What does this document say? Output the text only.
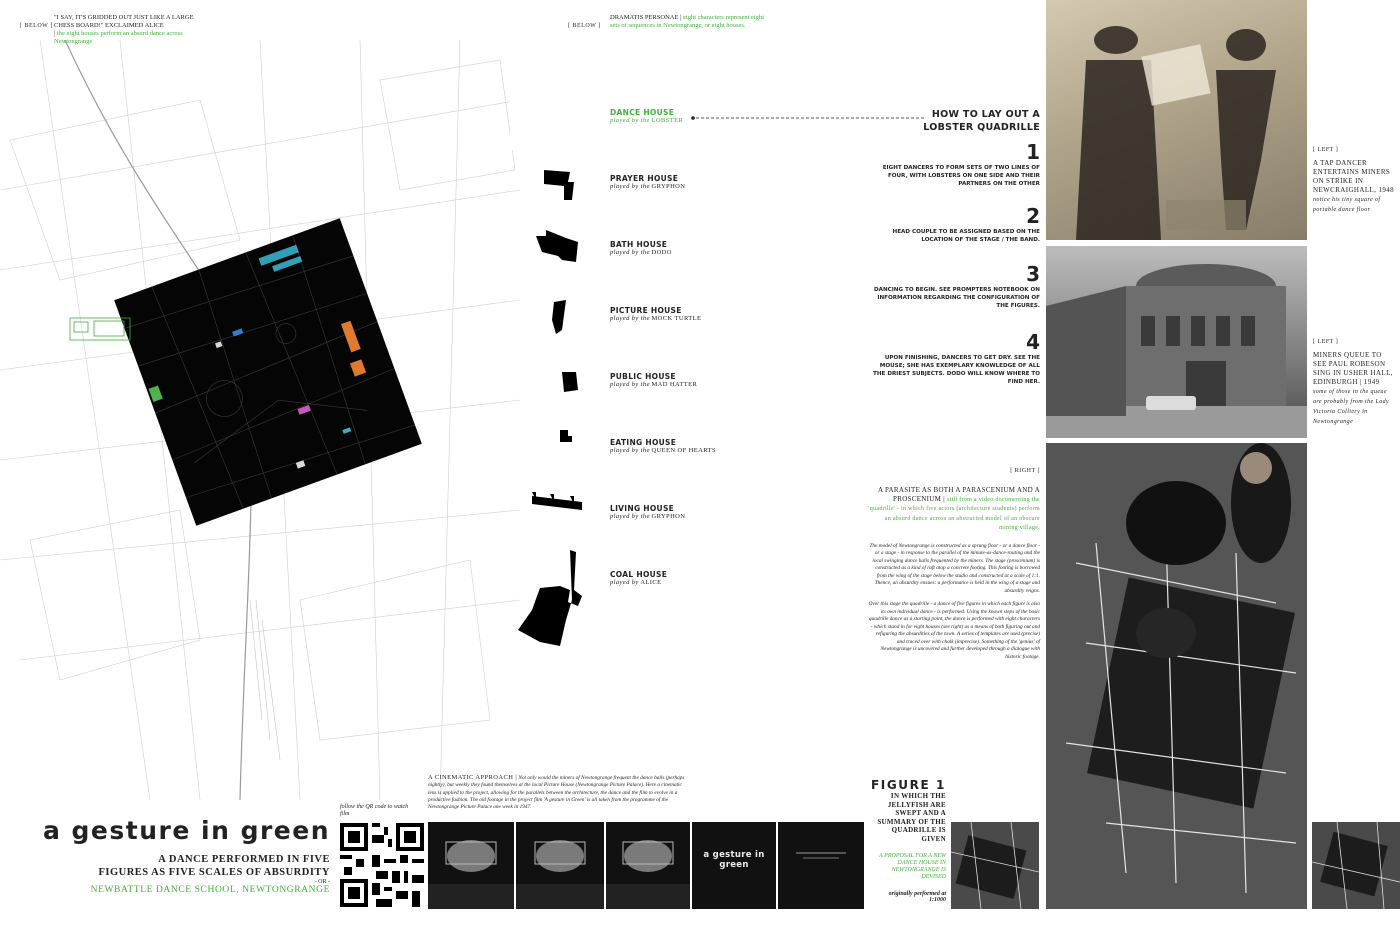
[ BELOW ]
"I SAY, IT'S GRIDDED OUT JUST LIKE A LARGE CHESS BOARD!" EXCLAIMED ALICE
| the eight houses perform an absurd dance across Newtongrange
[ BELOW ]
DRAMATIS PERSONAE | eight characters represent eight sets of sequences in Newtongrange, or eight houses.
DANCE HOUSE
played by the LOBSTER
PRAYER HOUSE
played by the GRYPHON
BATH HOUSE
played by the DODO
PICTURE HOUSE
played by the MOCK TURTLE
PUBLIC HOUSE
played by the MAD HATTER
EATING HOUSE
played by the QUEEN OF HEARTS
LIVING HOUSE
played by the GRYPHON
COAL HOUSE
played by ALICE
HOW TO LAY OUT A
LOBSTER QUADRILLE
1
EIGHT DANCERS TO FORM SETS OF TWO LINES OF FOUR, WITH LOBSTERS ON ONE SIDE AND THEIR PARTNERS ON THE OTHER
2
HEAD COUPLE TO BE ASSIGNED BASED ON THE LOCATION OF THE STAGE / THE BAND.
3
DANCING TO BEGIN. SEE PROMPTERS NOTEBOOK ON INFORMATION REGARDING THE CONFIGURATION OF THE FIGURES.
4
UPON FINISHING, DANCERS TO GET DRY. SEE THE MOUSE; SHE HAS EXEMPLARY KNOWLEDGE OF ALL THE DRIEST SUBJECTS. DODO WILL KNOW WHERE TO FIND HER.
[ LEFT ]
A TAP DANCER ENTERTAINS MINERS ON STRIKE IN NEWCRAIGHALL, 1948
notice his tiny square of portable dance floor
[ LEFT ]
MINERS QUEUE TO SEE PAUL ROBESON SING IN USHER HALL, EDINBURGH | 1949
some of those in the queue are probably from the Lady Victoria Colliery in Newtongrange
[ RIGHT ]
A PARASITE AS BOTH A PARASCENIUM AND A PROSCENIUM | still from a video documenting the 'quadrille' - in which five actors (architecture students) perform an absurd dance across an abstracted model of an obscure mining village.
The model of Newtongrange is constructed as a sprung floor - or a dance floor - or a stage - in response to the parallel of the minute-as-dance-routing and the local swinging dance halls frequented by the miners. The stage (proscenium) is constructed as a kind of raft atop a concrete footing. This footing is borrowed from the wing of the stage below the studio and constructed at a scale of 1:1. Thence, an absurdity ensues: a performance is held in the wing of a stage and absurdity reigns.
Over this stage the quadrille - a dance of five figures in which each figure is also its own individual dance - is performed. Using the known steps of the basic quadrille dance as a starting point, the dance is performed with eight characters - which stand in for eight houses (see right) as a means of both figuring out and refiguring the absurdities of the town. A series of templates are used (precise) and traced over with chalk (imprecise). Something of the 'genius' of Newtongrange is uncovered and further developed through a dialogue with historic footage.
a gesture in green
A DANCE PERFORMED IN FIVE
FIGURES AS FIVE SCALES OF ABSURDITY
- OR -
NEWBATTLE DANCE SCHOOL, NEWTONGRANGE
follow the QR code to watch film
A CINEMATIC APPROACH | Not only would the miners of Newtongrange frequent the dance halls (perhaps nightly), but weekly they found themselves at the local Picture House (Newtongrange Picture Palace). Here a cinematic lens is applied to the project, allowing for the parallels between the architecture, the dance and the film to evolve in a productive fashion. The old footage in the project film 'A gesture in Green' is all taken from the programme of the Newtongrange Picture Palace one week in 1947.
a gesture in green
FIGURE 1
IN WHICH THE JELLYFISH ARE SWEPT AND A SUMMARY OF THE QUADRILLE IS GIVEN
A PROPOSAL FOR A NEW DANCE HOUSE IN NEWTONGRANGE IS DEVISED
originally performed at
1:1000
